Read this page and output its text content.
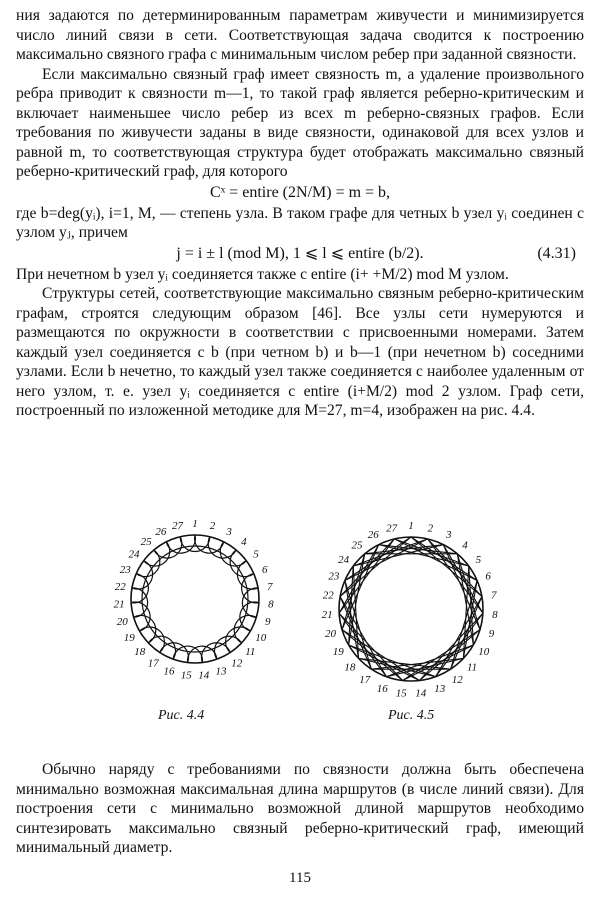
ния задаются по детерминированным параметрам живучести и минимизируется число линий связи в сети. Соответствующая задача сводится к построению максимально связного графа с минимальным числом ребер при заданной связности.

Если максимально связный граф имеет связность m, а удаление произвольного ребра приводит к связности m—1, то такой граф является реберно-критическим и включает наименьшее число ребер из всех m реберно-связных графов. Если требования по живучести заданы в виде связности, одинаковой для всех узлов и равной m, то соответствующая структура будет отображать максимально связный реберно-критический граф, для которого

Cˣ = entire (2N/M) = m = b,

где b=deg(yᵢ), i=1, M, — степень узла. В таком графе для четных b узел yᵢ соединен с узлом yⱼ, причем

j = i ± l (mod M), 1 ⩽ l ⩽ entire (b/2).	(4.31)

При нечетном b узел yᵢ соединяется также с entire (i+ +M/2) mod M узлом.

Структуры сетей, соответствующие максимально связным реберно-критическим графам, строятся следующим образом [46]. Все узлы сети нумеруются и размещаются по окружности в соответствии с присвоенными номерами. Затем каждый узел соединяется с b (при четном b) и b—1 (при нечетном b) соседними узлами. Если b нечетно, то каждый узел также соединяется с наиболее удаленным от него узлом, т. е. узел yᵢ соединяется с entire (i+M/2) mod 2 узлом. Граф сети, построенный по изложенной методике для M=27, m=4, изображен на рис. 4.4.

1 2
3
4
5
6
7
8
9
10
11
12
13
14
15
16
17
18
19
20
21
22
23
24
25
26
27	1 2
3
4
5
6
7
8
9
10
11
12
13
14
15
16
17
18
19
20
21
22
23
24
25
26
27
Рис. 4.4	Рис. 4.5

Обычно наряду с требованиями по связности должна быть обеспечена минимально возможная максимальная длина маршрутов (в числе линий связи). Для построения сети с минимально возможной длиной маршрутов необходимо синтезировать максимально связный реберно-критический граф, имеющий минимальный диаметр.

115
